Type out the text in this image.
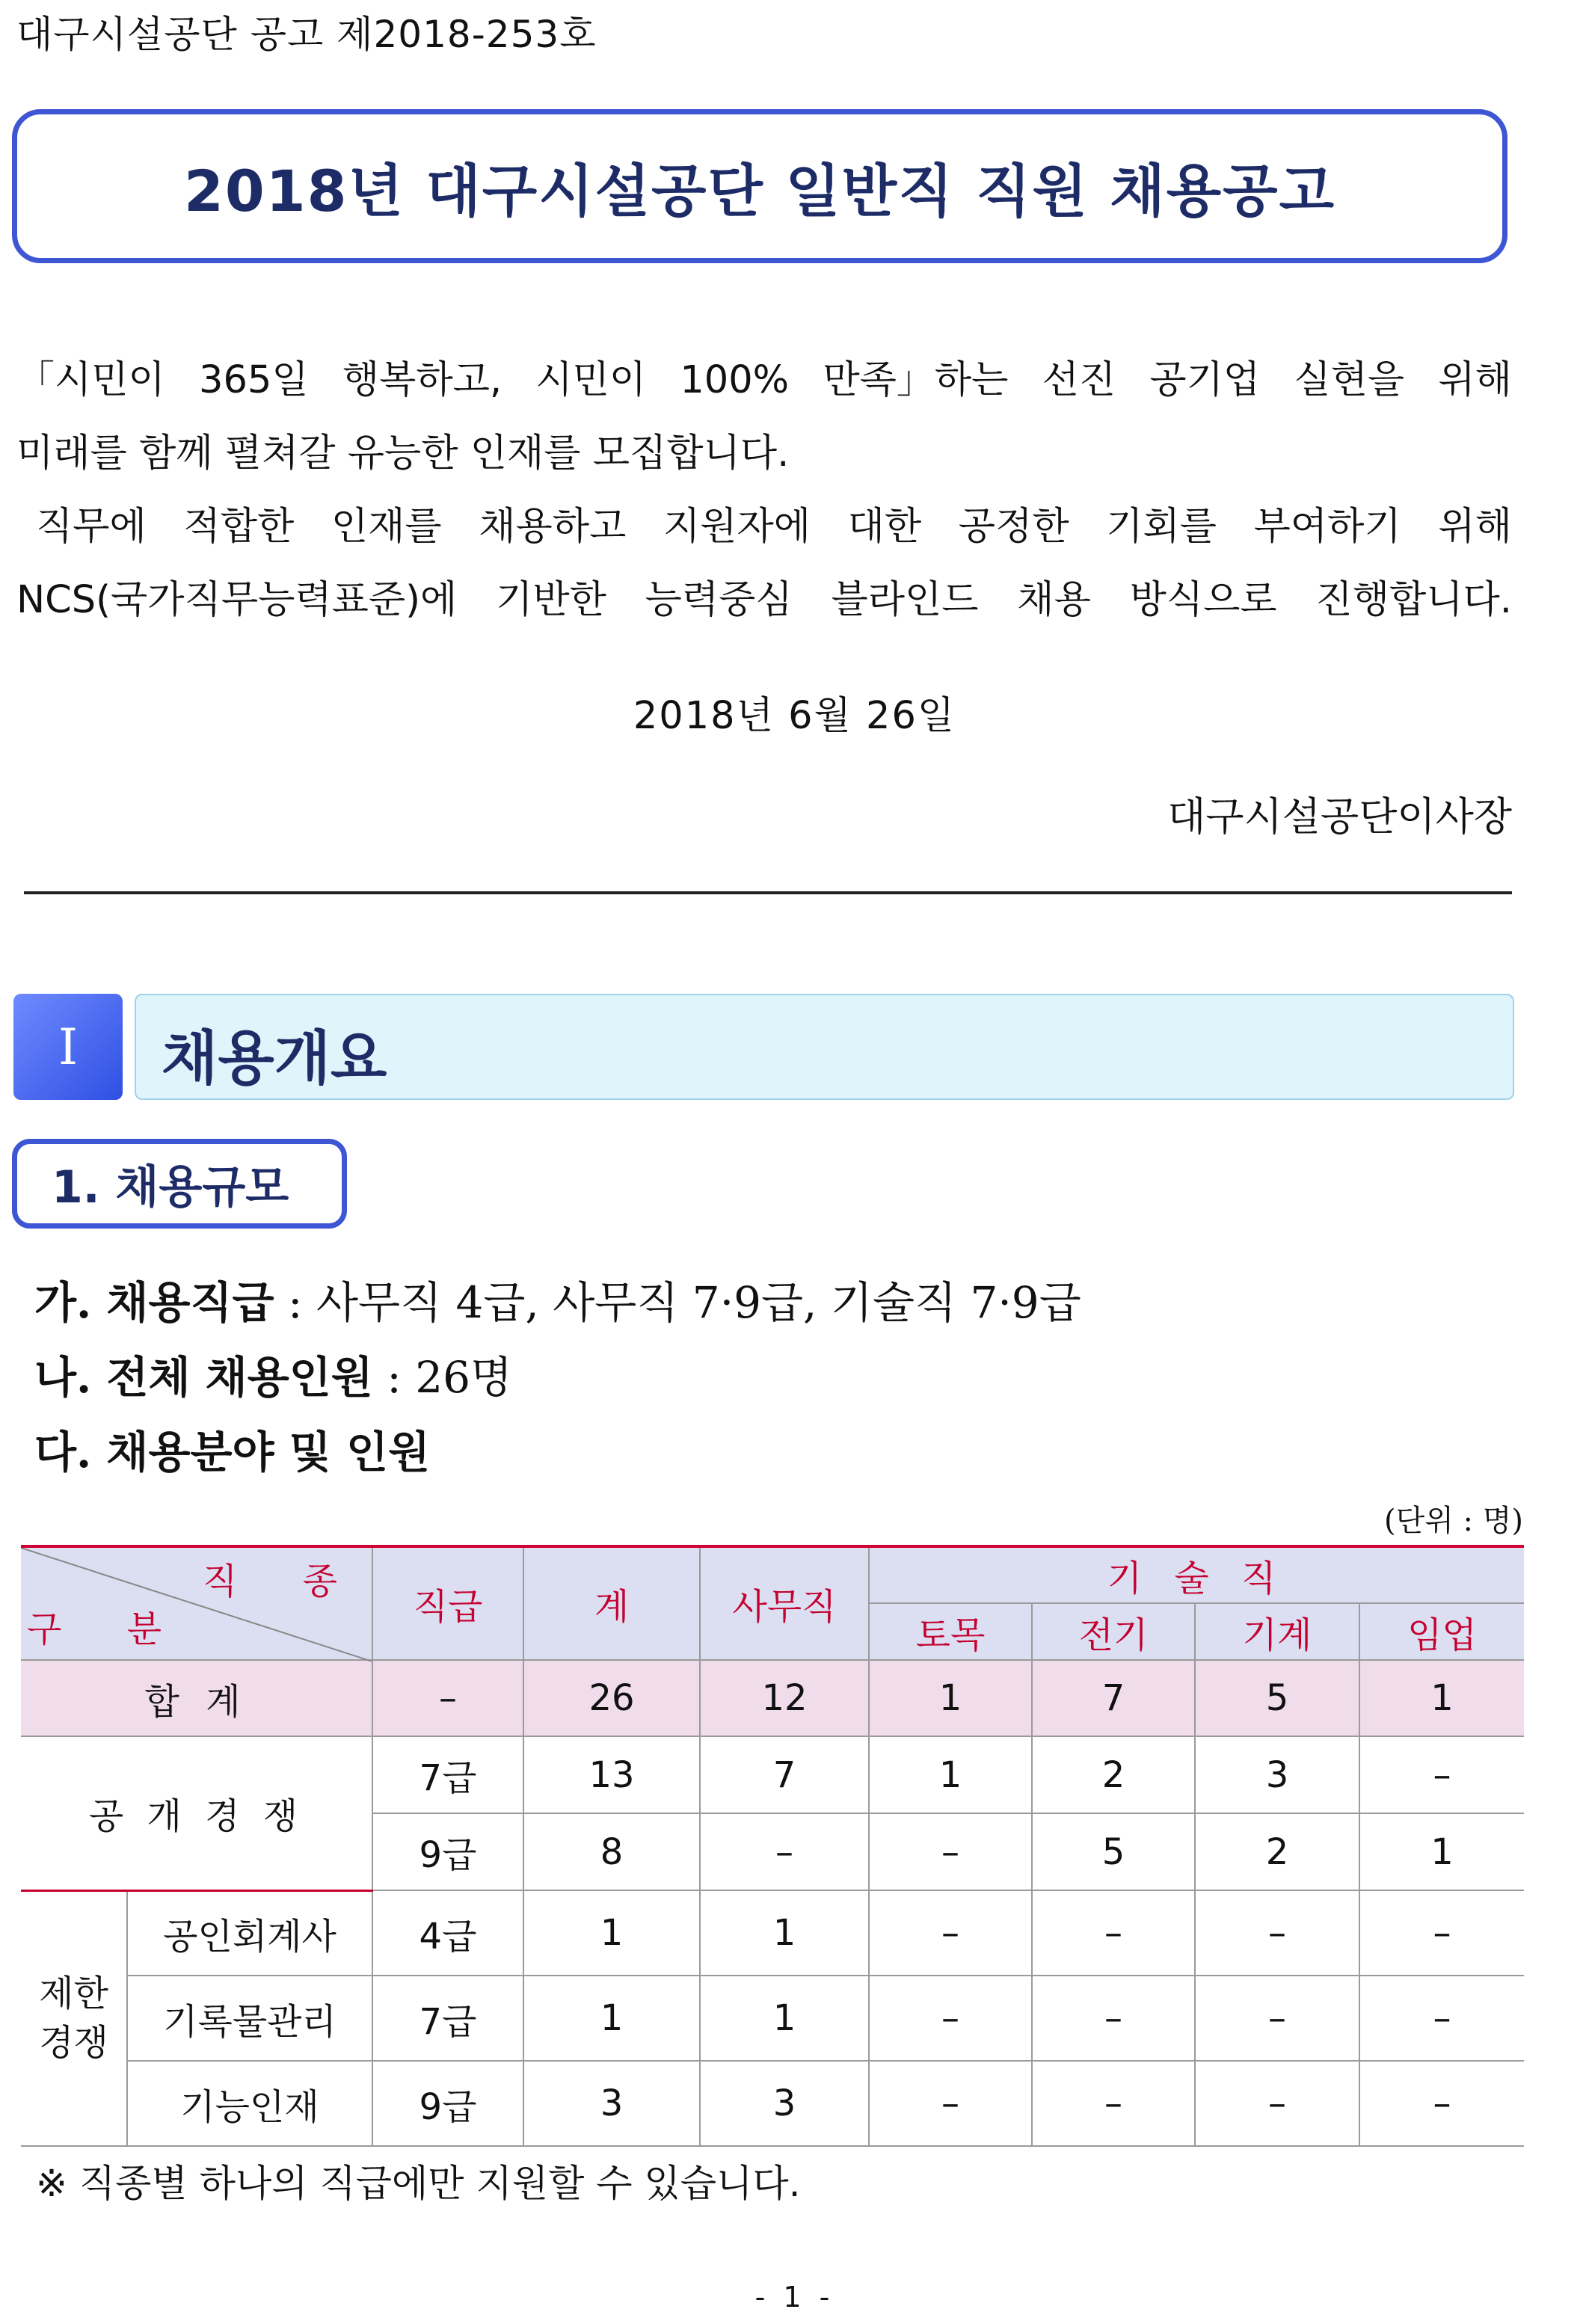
대구시설공단 공고 제2018-253호
2018년 대구시설공단 일반직 직원 채용공고
「시민이 365일 행복하고, 시민이 100% 만족」하는 선진 공기업 실현을 위해
미래를 함께 펼쳐갈 유능한 인재를 모집합니다.
직무에 적합한 인재를 채용하고 지원자에 대한 공정한 기회를 부여하기 위해
NCS(국가직무능력표준)에 기반한 능력중심 블라인드 채용 방식으로 진행합니다.
2018년 6월 26일
대구시설공단이사장
I	채용개요
1. 채용규모
가. 채용직급 : 사무직 4급, 사무직 7·9급, 기술직 7·9급
나. 전체 채용인원 : 26명
다. 채용분야 및 인원
(단위 : 명)
직 종
구 분		직급	계	사무직	기 술 직			
					토목	전기	기계	임업
합 계		–	26	12	1	7	5	1
공 개 경 쟁		7급	13	7	1	2	3	–
		9급	8	–	–	5	2	1

제한
경쟁	공인회계사	4급	1	1	–	–	–	–
	기록물관리	7급	1	1	–	–	–	–
	기능인재	9급	3	3	–	–	–	–
※ 직종별 하나의 직급에만 지원할 수 있습니다.
- 1 -
